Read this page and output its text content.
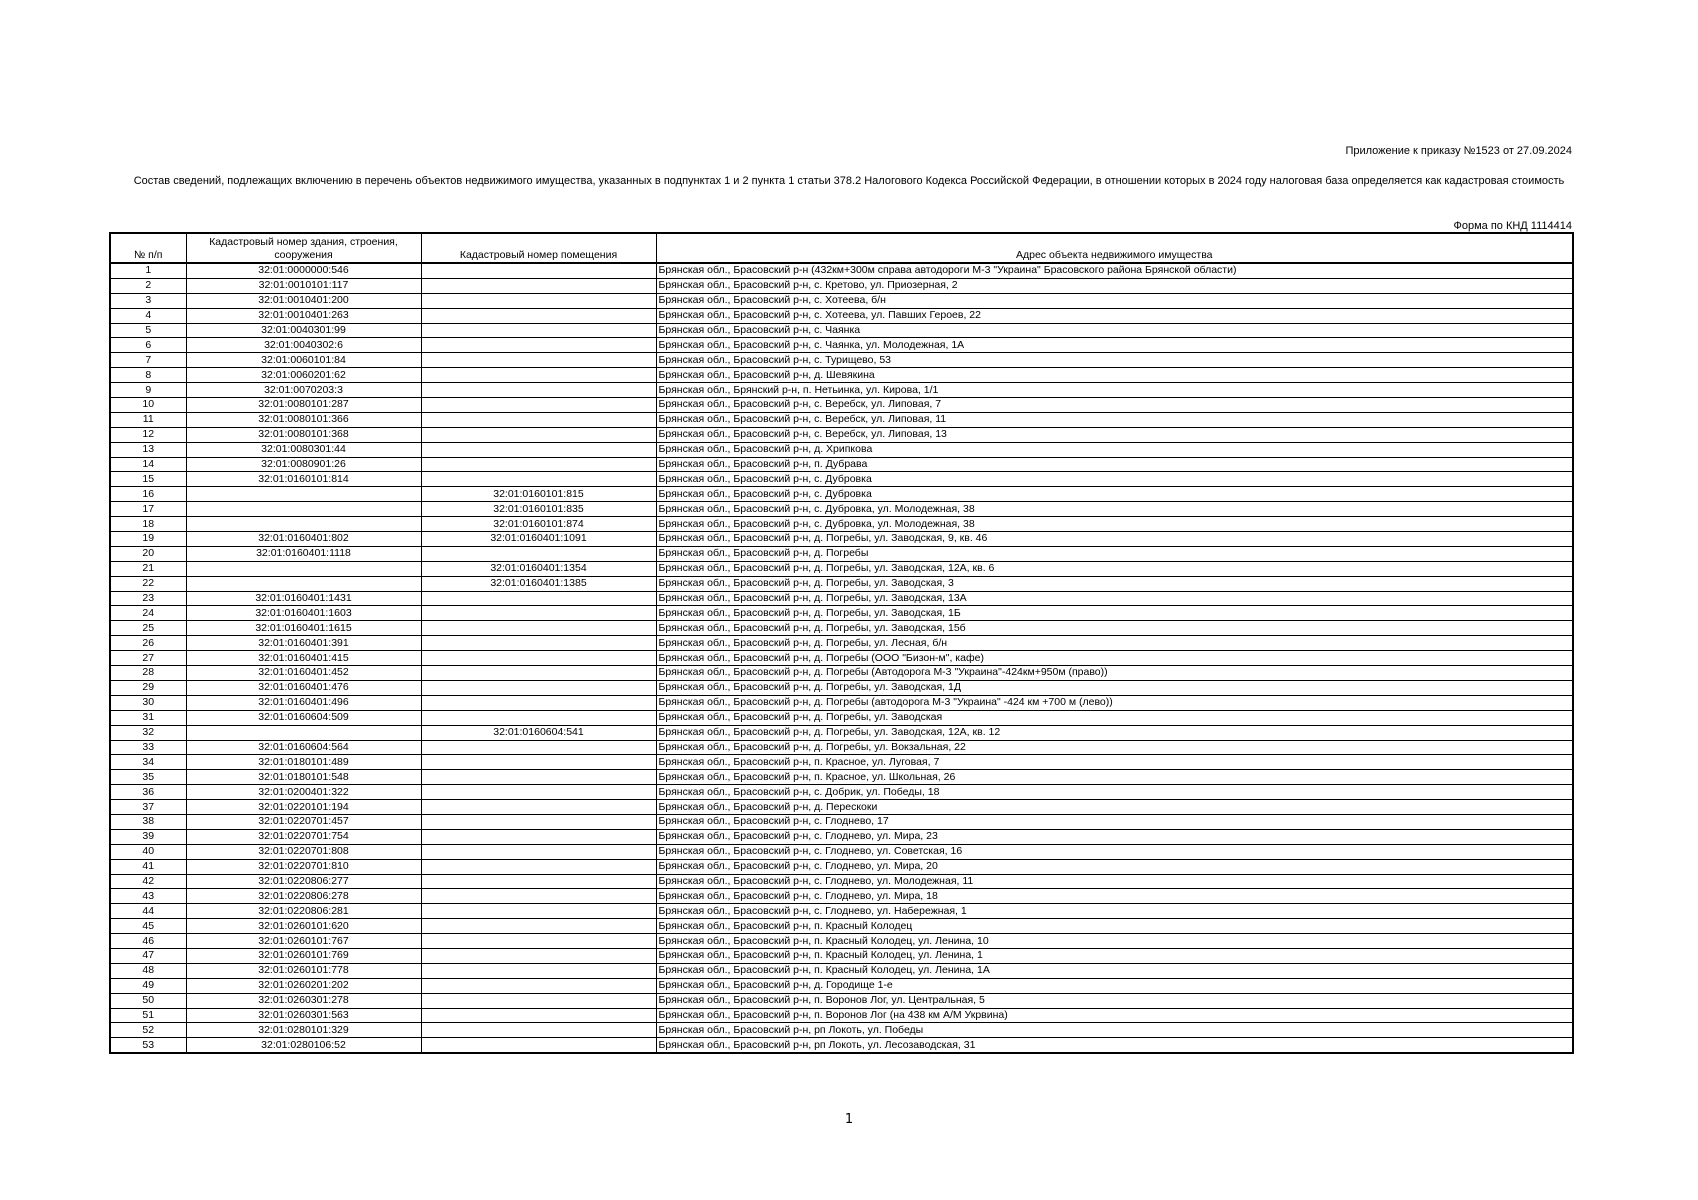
Приложение к приказу №1523 от 27.09.2024
Состав сведений, подлежащих включению в перечень объектов недвижимого имущества, указанных в подпунктах 1 и 2 пункта 1 статьи 378.2 Налогового Кодекса Российской Федерации, в отношении которых в 2024 году налоговая база определяется как кадастровая стоимость
Форма по КНД 1114414
№ п/п	Кадастровый номер здания, строения, сооружения	Кадастровый номер помещения	Адрес объекта недвижимого имущества
1	32:01:0000000:546		Брянская обл., Брасовский р-н (432км+300м справа автодороги М-3 "Украина" Брасовского района Брянской области)
2	32:01:0010101:117		Брянская обл., Брасовский р-н, с. Кретово, ул. Приозерная, 2
3	32:01:0010401:200		Брянская обл., Брасовский р-н, с. Хотеева, б/н
4	32:01:0010401:263		Брянская обл., Брасовский р-н, с. Хотеева, ул. Павших Героев, 22
5	32:01:0040301:99		Брянская обл., Брасовский р-н, с. Чаянка
6	32:01:0040302:6		Брянская обл., Брасовский р-н, с. Чаянка, ул. Молодежная, 1А
7	32:01:0060101:84		Брянская обл., Брасовский р-н, с. Турищево, 53
8	32:01:0060201:62		Брянская обл., Брасовский р-н, д. Шевякина
9	32:01:0070203:3		Брянская обл., Брянский р-н, п. Нетьинка, ул. Кирова, 1/1
10	32:01:0080101:287		Брянская обл., Брасовский р-н, с. Веребск, ул. Липовая, 7
11	32:01:0080101:366		Брянская обл., Брасовский р-н, с. Веребск, ул. Липовая, 11
12	32:01:0080101:368		Брянская обл., Брасовский р-н, с. Веребск, ул. Липовая, 13
13	32:01:0080301:44		Брянская обл., Брасовский р-н, д. Хрипкова
14	32:01:0080901:26		Брянская обл., Брасовский р-н, п. Дубрава
15	32:01:0160101:814		Брянская обл., Брасовский р-н, с. Дубровка
16		32:01:0160101:815	Брянская обл., Брасовский р-н, с. Дубровка
17		32:01:0160101:835	Брянская обл., Брасовский р-н, с. Дубровка, ул. Молодежная, 38
18		32:01:0160101:874	Брянская обл., Брасовский р-н, с. Дубровка, ул. Молодежная, 38
19	32:01:0160401:802	32:01:0160401:1091	Брянская обл., Брасовский р-н, д. Погребы, ул. Заводская, 9, кв. 46
20	32:01:0160401:1118		Брянская обл., Брасовский р-н, д. Погребы
21		32:01:0160401:1354	Брянская обл., Брасовский р-н, д. Погребы, ул. Заводская, 12А, кв. 6
22		32:01:0160401:1385	Брянская обл., Брасовский р-н, д. Погребы, ул. Заводская, 3
23	32:01:0160401:1431		Брянская обл., Брасовский р-н, д. Погребы, ул. Заводская, 13А
24	32:01:0160401:1603		Брянская обл., Брасовский р-н, д. Погребы, ул. Заводская, 1Б
25	32:01:0160401:1615		Брянская обл., Брасовский р-н, д. Погребы, ул. Заводская, 15б
26	32:01:0160401:391		Брянская обл., Брасовский р-н, д. Погребы, ул. Лесная, б/н
27	32:01:0160401:415		Брянская обл., Брасовский р-н, д. Погребы (ООО "Бизон-м", кафе)
28	32:01:0160401:452		Брянская обл., Брасовский р-н, д. Погребы (Автодорога М-3 "Украина"-424км+950м (право))
29	32:01:0160401:476		Брянская обл., Брасовский р-н, д. Погребы, ул. Заводская, 1Д
30	32:01:0160401:496		Брянская обл., Брасовский р-н, д. Погребы (автодорога М-3 "Украина" -424 км +700 м (лево))
31	32:01:0160604:509		Брянская обл., Брасовский р-н, д. Погребы, ул. Заводская
32		32:01:0160604:541	Брянская обл., Брасовский р-н, д. Погребы, ул. Заводская, 12А, кв. 12
33	32:01:0160604:564		Брянская обл., Брасовский р-н, д. Погребы, ул. Вокзальная, 22
34	32:01:0180101:489		Брянская обл., Брасовский р-н, п. Красное, ул. Луговая, 7
35	32:01:0180101:548		Брянская обл., Брасовский р-н, п. Красное, ул. Школьная, 26
36	32:01:0200401:322		Брянская обл., Брасовский р-н, с. Добрик, ул. Победы, 18
37	32:01:0220101:194		Брянская обл., Брасовский р-н, д. Перескоки
38	32:01:0220701:457		Брянская обл., Брасовский р-н, с. Глоднево, 17
39	32:01:0220701:754		Брянская обл., Брасовский р-н, с. Глоднево, ул. Мира, 23
40	32:01:0220701:808		Брянская обл., Брасовский р-н, с. Глоднево, ул. Советская, 16
41	32:01:0220701:810		Брянская обл., Брасовский р-н, с. Глоднево, ул. Мира, 20
42	32:01:0220806:277		Брянская обл., Брасовский р-н, с. Глоднево, ул. Молодежная, 11
43	32:01:0220806:278		Брянская обл., Брасовский р-н, с. Глоднево, ул. Мира, 18
44	32:01:0220806:281		Брянская обл., Брасовский р-н, с. Глоднево, ул. Набережная, 1
45	32:01:0260101:620		Брянская обл., Брасовский р-н, п. Красный Колодец
46	32:01:0260101:767		Брянская обл., Брасовский р-н, п. Красный Колодец, ул. Ленина, 10
47	32:01:0260101:769		Брянская обл., Брасовский р-н, п. Красный Колодец, ул. Ленина, 1
48	32:01:0260101:778		Брянская обл., Брасовский р-н, п. Красный Колодец, ул. Ленина, 1А
49	32:01:0260201:202		Брянская обл., Брасовский р-н, д. Городище 1-е
50	32:01:0260301:278		Брянская обл., Брасовский р-н, п. Воронов Лог, ул. Центральная, 5
51	32:01:0260301:563		Брянская обл., Брасовский р-н, п. Воронов Лог (на 438 км А/М Укрвина)
52	32:01:0280101:329		Брянская обл., Брасовский р-н, рп Локоть, ул. Победы
53	32:01:0280106:52		Брянская обл., Брасовский р-н, рп Локоть, ул. Лесозаводская, 31
1
